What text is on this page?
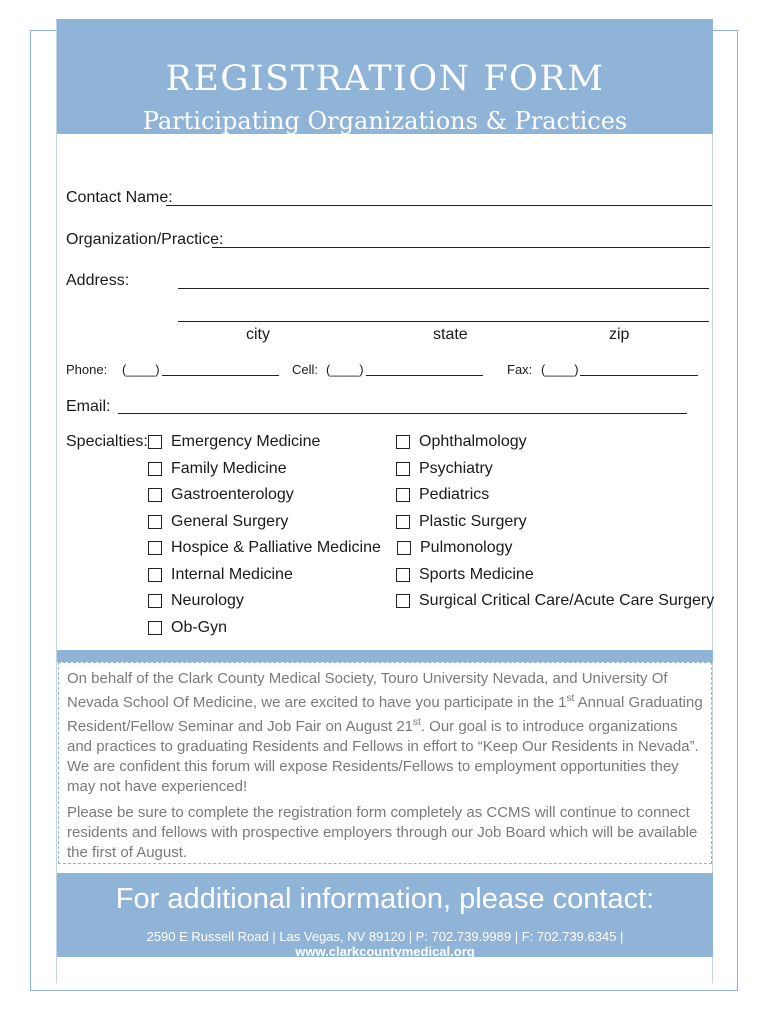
REGISTRATION FORM
Participating Organizations & Practices
Contact Name:
Organization/Practice:
Address:
city	state	zip
Phone: (____)	Cell: (____)	Fax: (____)
Email:
Specialties: Emergency Medicine
Family Medicine
Gastroenterology
General Surgery
Hospice & Palliative Medicine
Internal Medicine
Neurology
Ob-Gyn
Ophthalmology
Psychiatry
Pediatrics
Plastic Surgery
Pulmonology
Sports Medicine
Surgical Critical Care/Acute Care Surgery

On behalf of the Clark County Medical Society, Touro University Nevada, and University Of Nevada School Of Medicine, we are excited to have you participate in the 1st Annual Graduating Resident/Fellow Seminar and Job Fair on August 21st. Our goal is to introduce organizations and practices to graduating Residents and Fellows in effort to “Keep Our Residents in Nevada”. We are confident this forum will expose Residents/Fellows to employment opportunities they may not have experienced!

Please be sure to complete the registration form completely as CCMS will continue to connect residents and fellows with prospective employers through our Job Board which will be available the first of August.

For additional information, please contact:
2590 E Russell Road | Las Vegas, NV 89120 | P: 702.739.9989 | F: 702.739.6345 | www.clarkcountymedical.org
